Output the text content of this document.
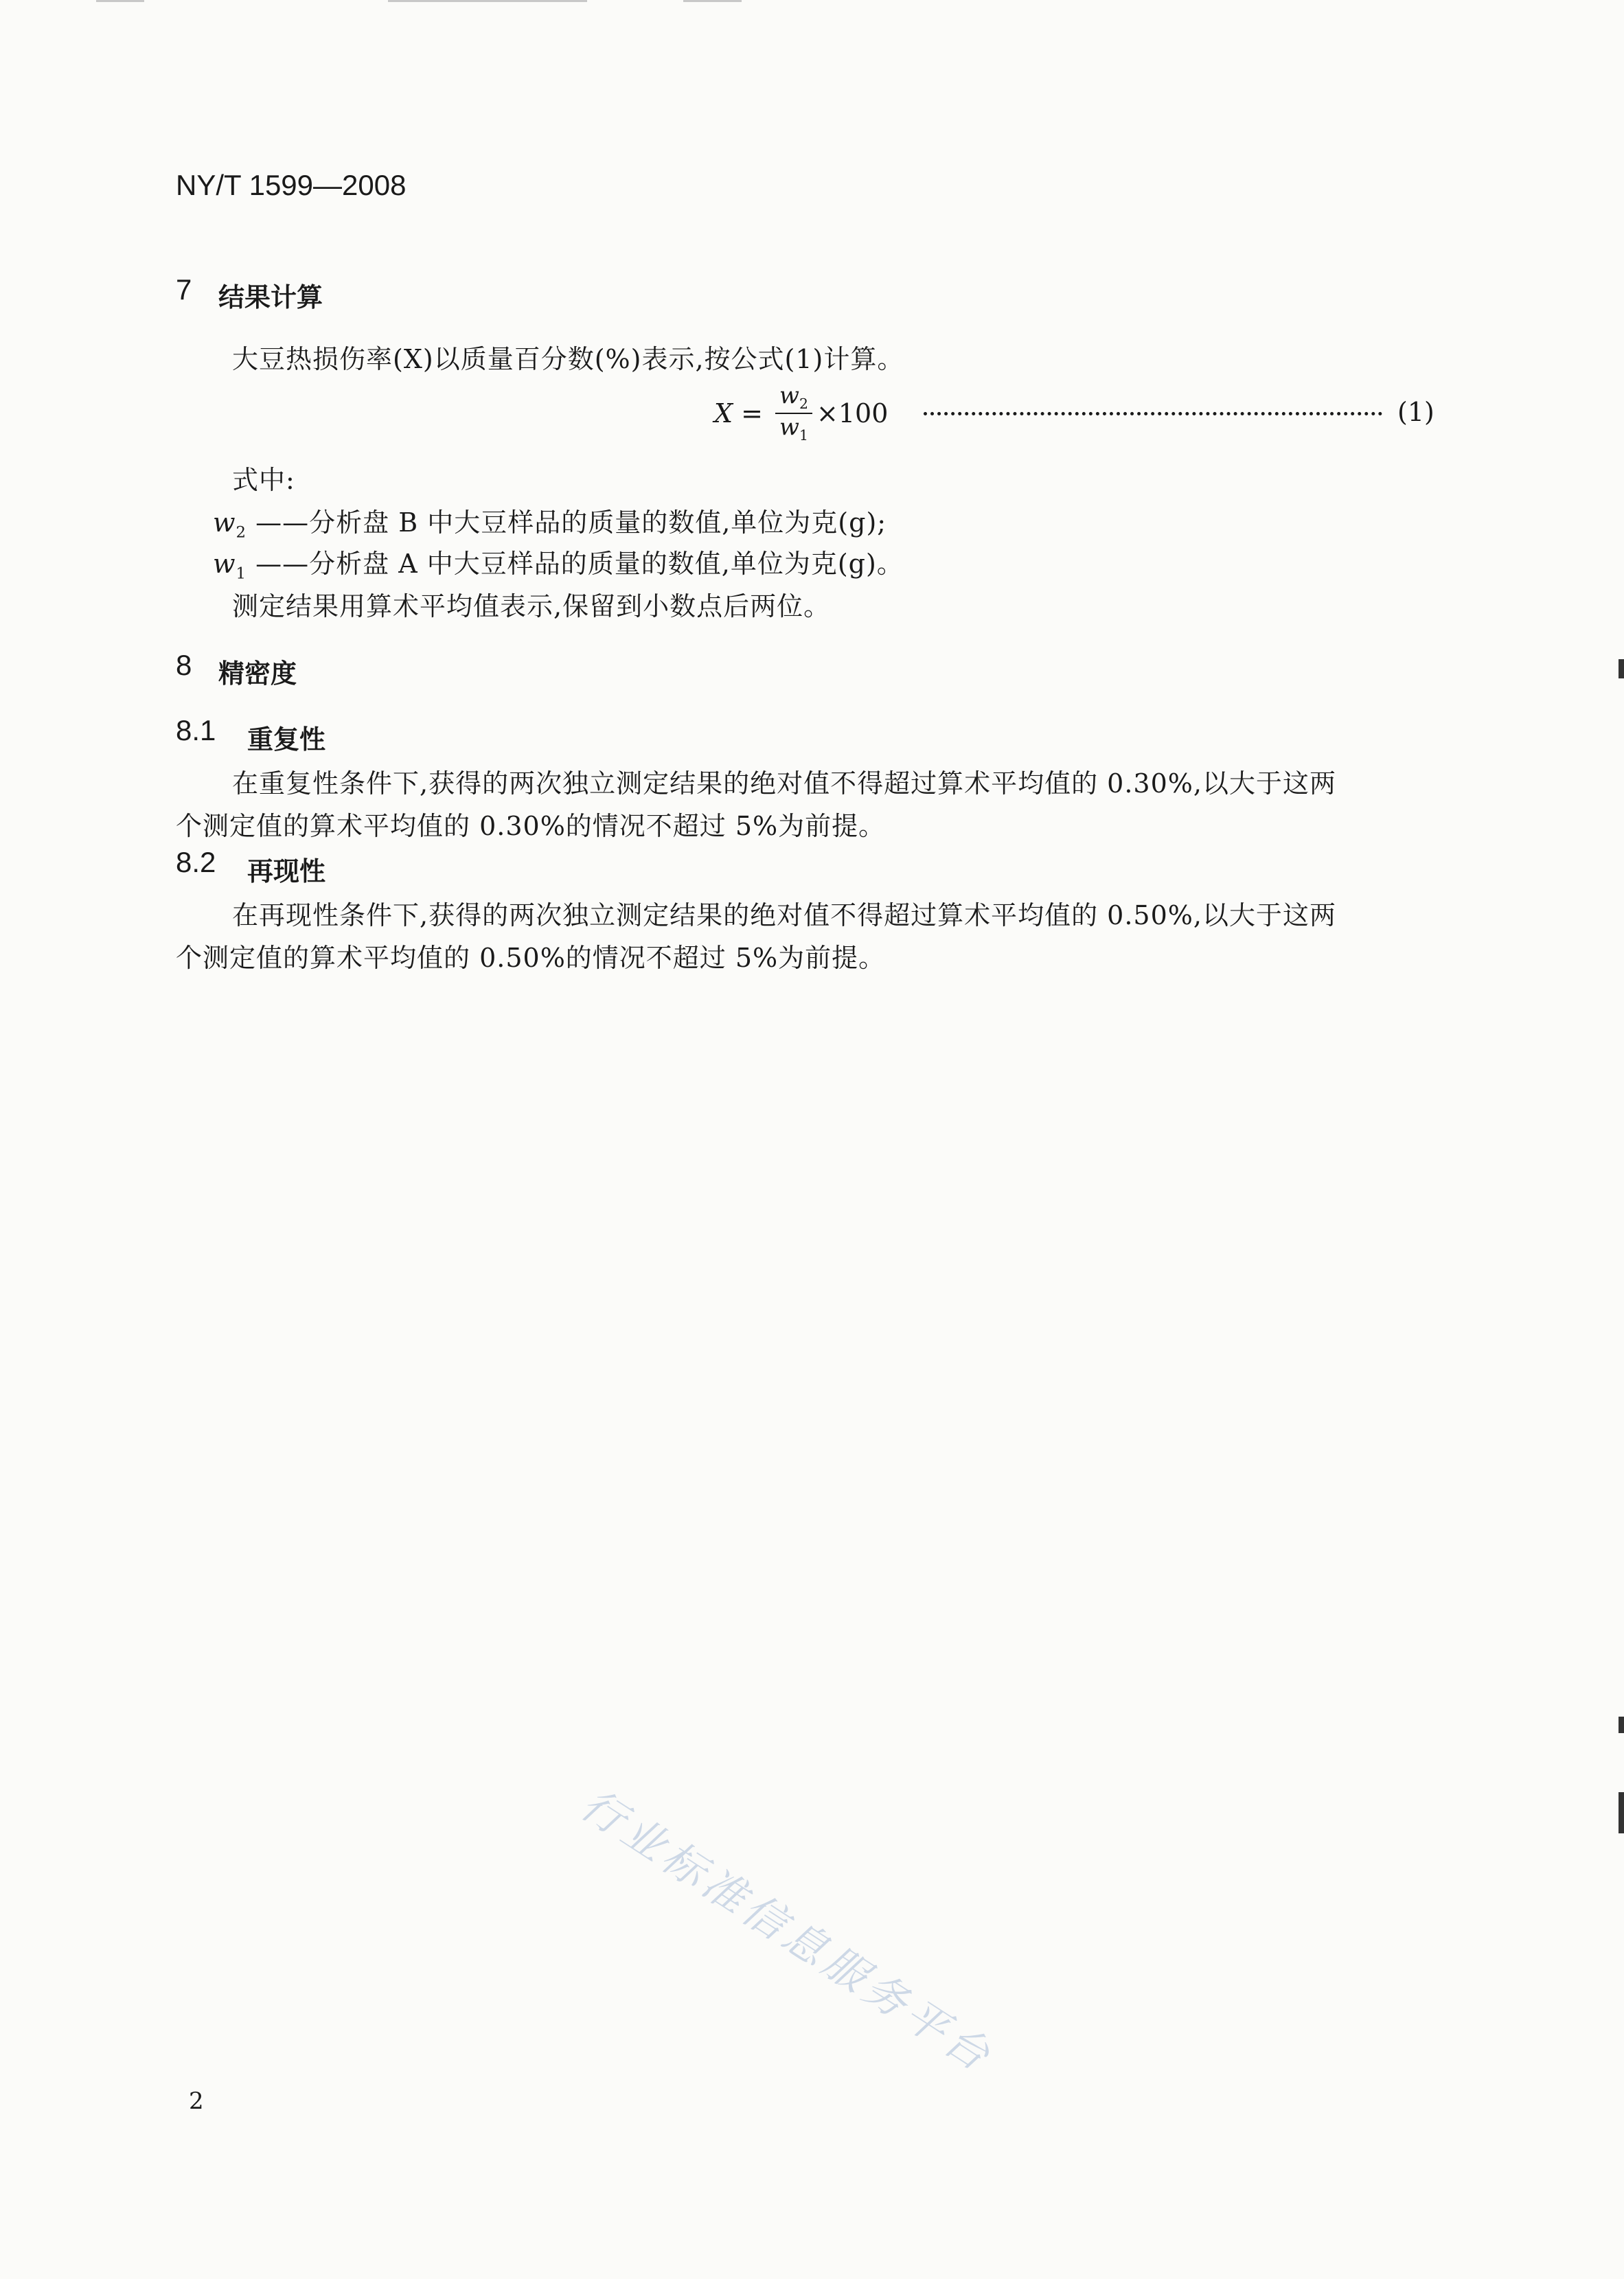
NY/T 1599—2008
7 结果计算
大豆热损伤率(X)以质量百分数(%)表示,按公式(1)计算。
$X = \frac{w_2}{w_1} \times 100$	(1)
式中:
$w_2$ ——分析盘 B 中大豆样品的质量的数值,单位为克(g);
$w_1$ ——分析盘 A 中大豆样品的质量的数值,单位为克(g)。
测定结果用算术平均值表示,保留到小数点后两位。
8 精密度
8.1 重复性
在重复性条件下,获得的两次独立测定结果的绝对值不得超过算术平均值的 0.30%,以大于这两
个测定值的算术平均值的 0.30%的情况不超过 5%为前提。
8.2 再现性
在再现性条件下,获得的两次独立测定结果的绝对值不得超过算术平均值的 0.50%,以大于这两
个测定值的算术平均值的 0.50%的情况不超过 5%为前提。
行业标准信息服务平台
2
